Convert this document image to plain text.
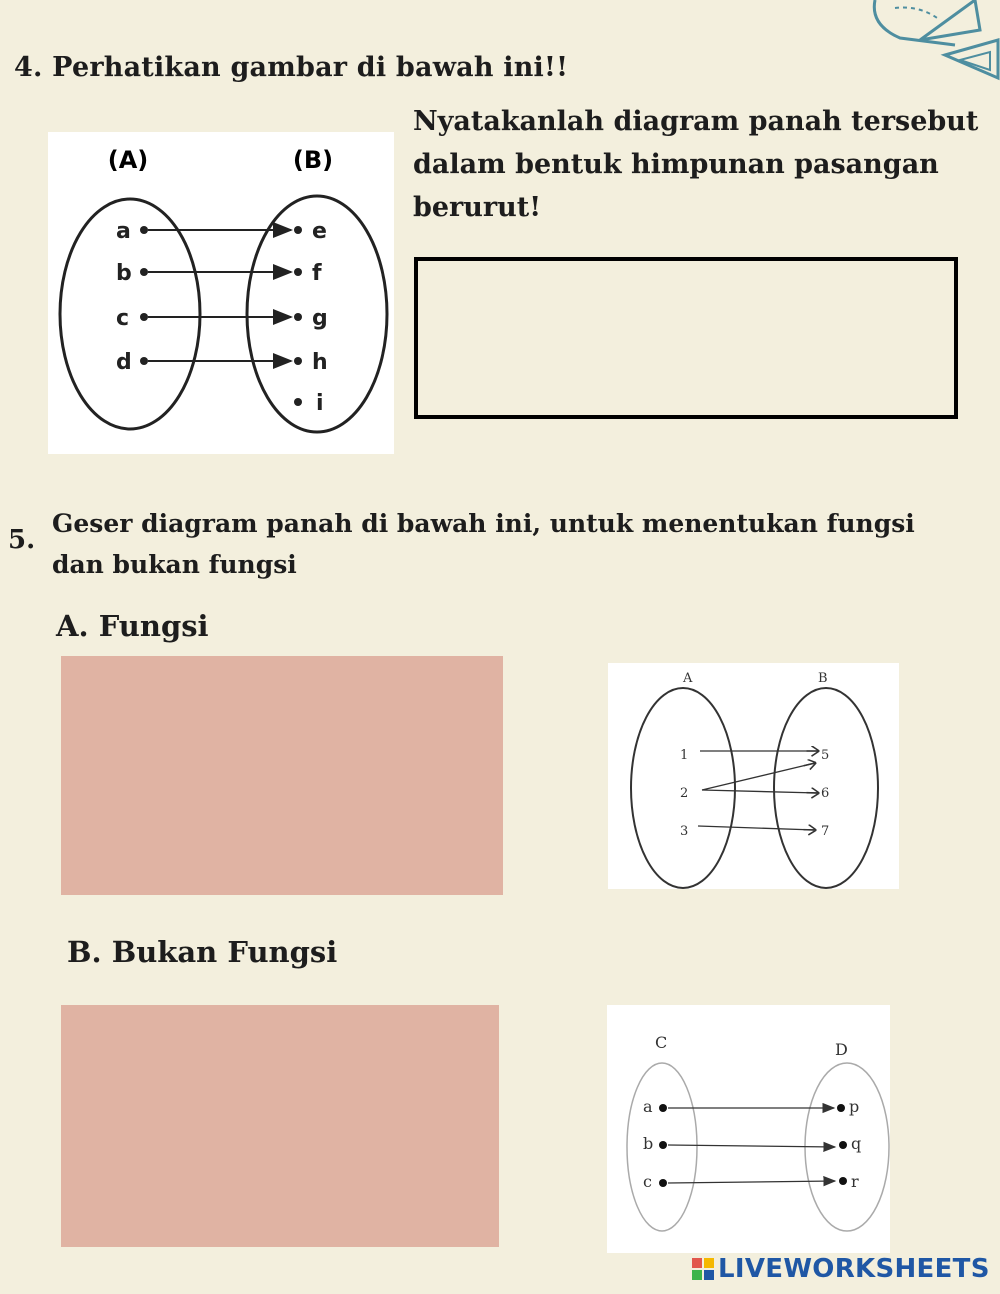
4. Perhatikan gambar di bawah ini!!
(A)	(B)
a
b
c
d
e
f
g
h
i
Nyatakanlah diagram panah tersebut dalam bentuk himpunan pasangan berurut!
5.
Geser diagram panah di bawah ini, untuk menentukan fungsi dan bukan fungsi
A. Fungsi
A	B
1
2
3
5
6
7
B. Bukan Fungsi
C	D
a
b
c
p
q
r
LIVEWORKSHEETS
